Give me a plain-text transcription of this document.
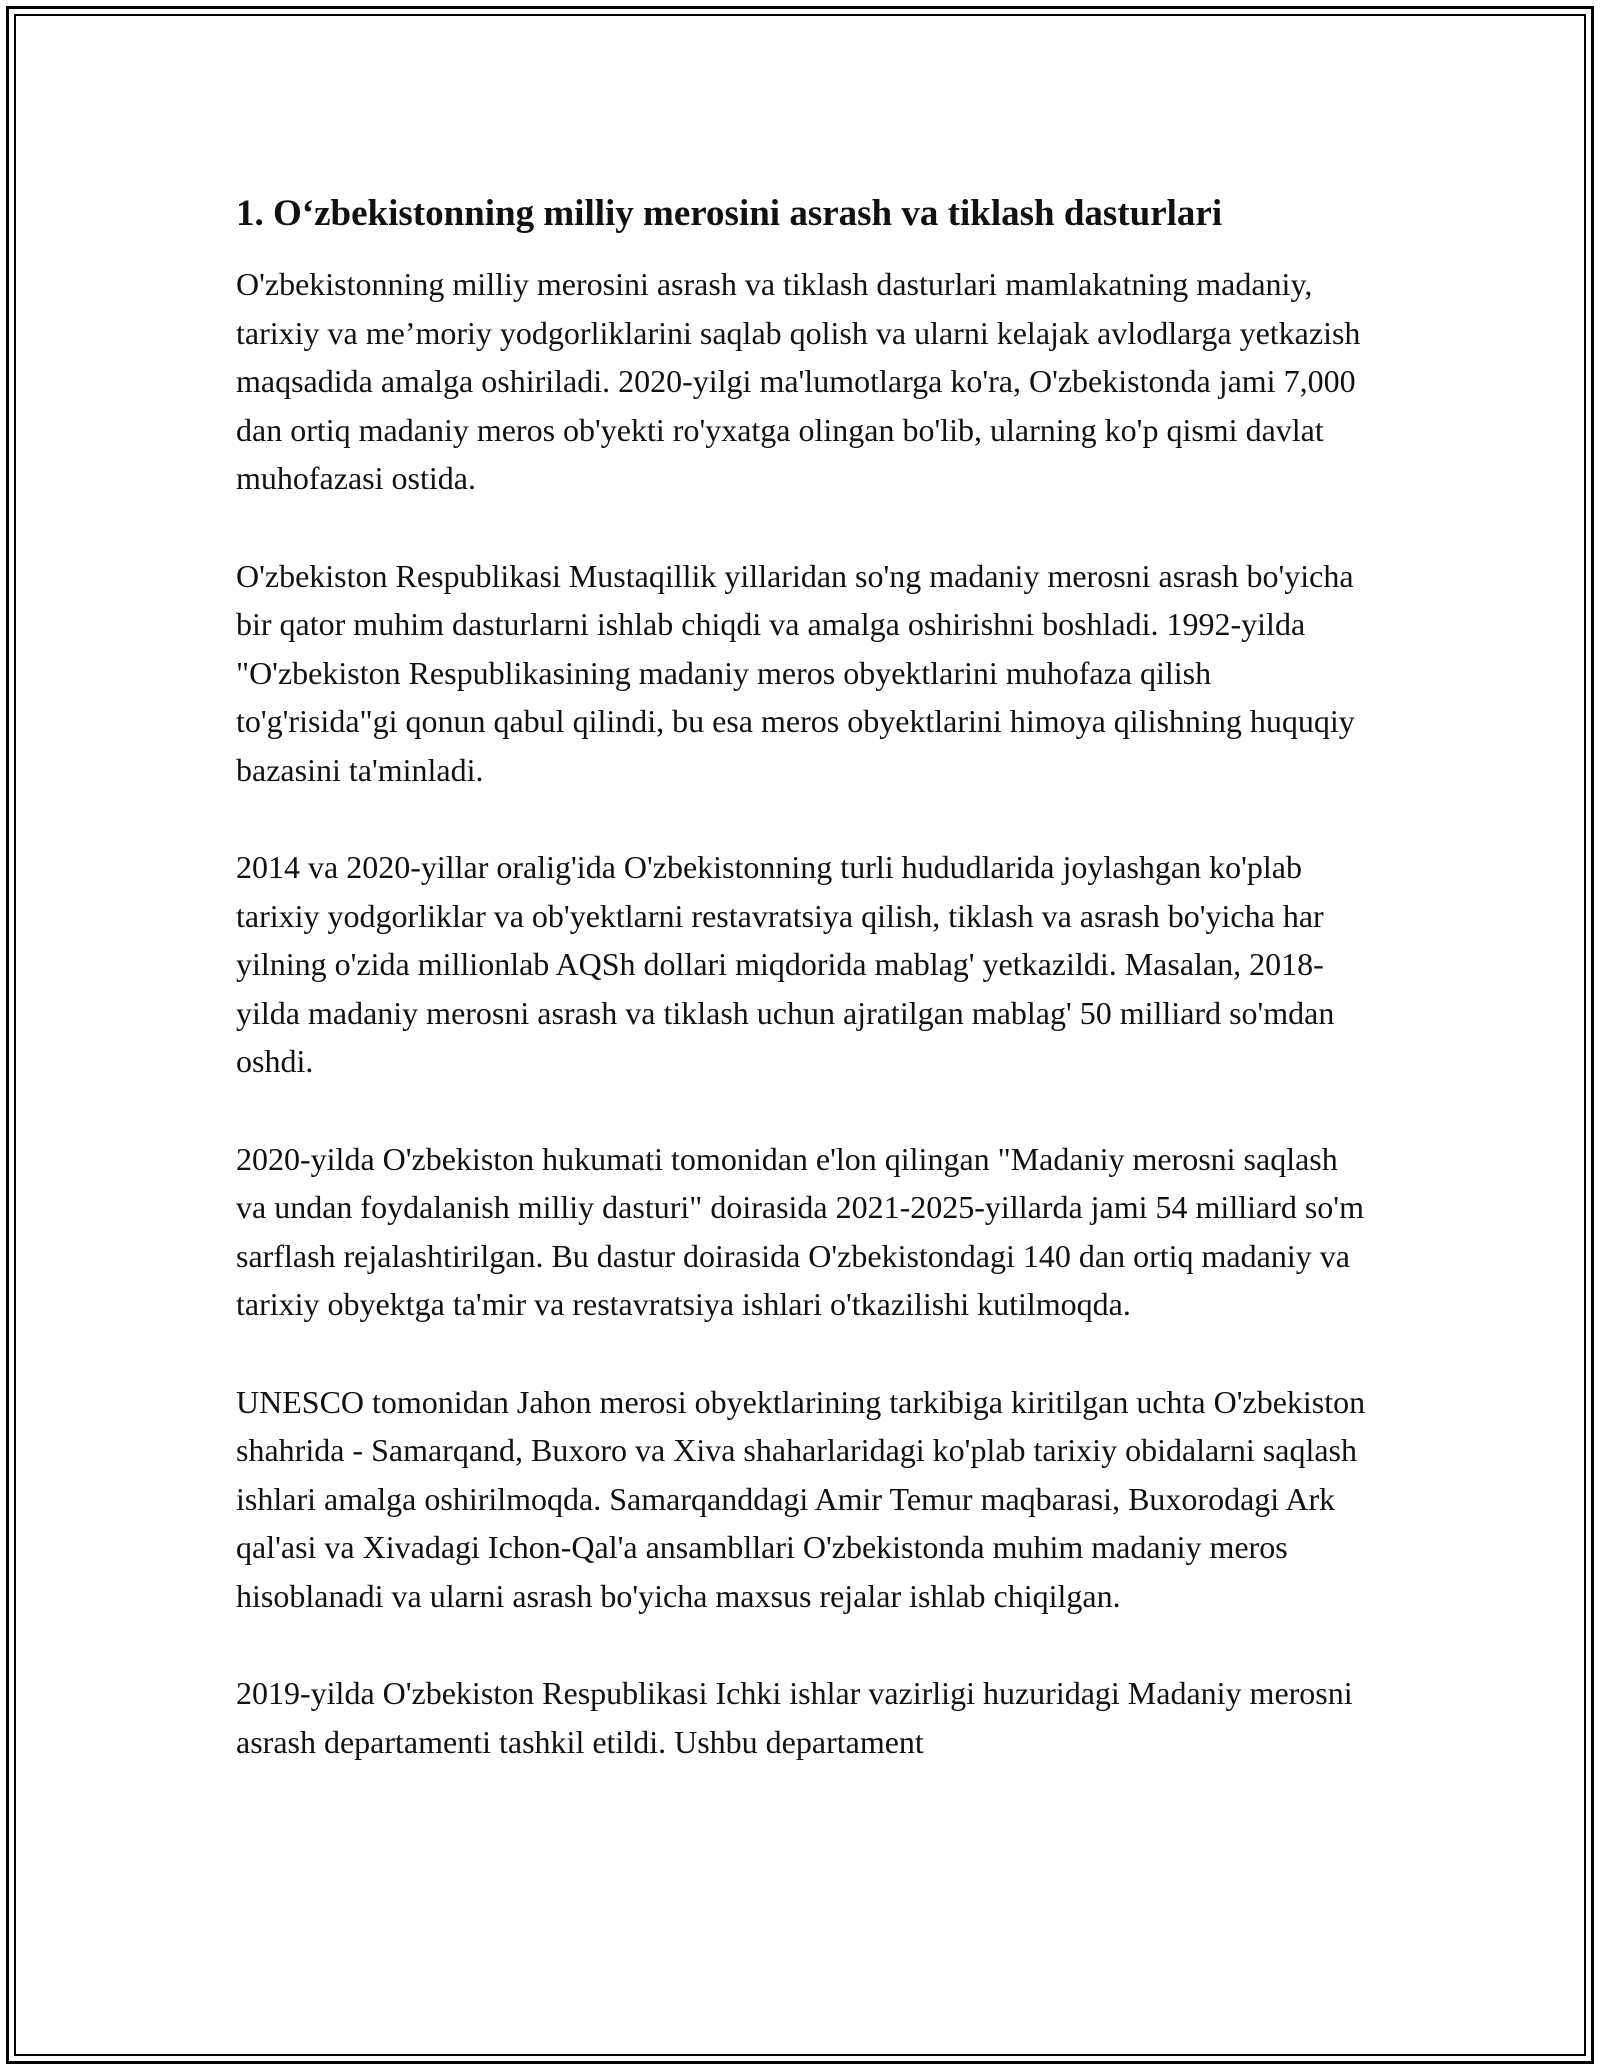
1. O‘zbekistonning milliy merosini asrash va tiklash dasturlari

O'zbekistonning milliy merosini asrash va tiklash dasturlari mamlakatning madaniy, tarixiy va me’moriy yodgorliklarini saqlab qolish va ularni kelajak avlodlarga yetkazish maqsadida amalga oshiriladi. 2020-yilgi ma'lumotlarga ko'ra, O'zbekistonda jami 7,000 dan ortiq madaniy meros ob'yekti ro'yxatga olingan bo'lib, ularning ko'p qismi davlat muhofazasi ostida.

O'zbekiston Respublikasi Mustaqillik yillaridan so'ng madaniy merosni asrash bo'yicha bir qator muhim dasturlarni ishlab chiqdi va amalga oshirishni boshladi. 1992-yilda "O'zbekiston Respublikasining madaniy meros obyektlarini muhofaza qilish to'g'risida"gi qonun qabul qilindi, bu esa meros obyektlarini himoya qilishning huquqiy bazasini ta'minladi.

2014 va 2020-yillar oralig'ida O'zbekistonning turli hududlarida joylashgan ko'plab tarixiy yodgorliklar va ob'yektlarni restavratsiya qilish, tiklash va asrash bo'yicha har yilning o'zida millionlab AQSh dollari miqdorida mablag' yetkazildi. Masalan, 2018-yilda madaniy merosni asrash va tiklash uchun ajratilgan mablag' 50 milliard so'mdan oshdi.

2020-yilda O'zbekiston hukumati tomonidan e'lon qilingan "Madaniy merosni saqlash va undan foydalanish milliy dasturi" doirasida 2021-2025-yillarda jami 54 milliard so'm sarflash rejalashtirilgan. Bu dastur doirasida O'zbekistondagi 140 dan ortiq madaniy va tarixiy obyektga ta'mir va restavratsiya ishlari o'tkazilishi kutilmoqda.

UNESCO tomonidan Jahon merosi obyektlarining tarkibiga kiritilgan uchta O'zbekiston shahrida - Samarqand, Buxoro va Xiva shaharlaridagi ko'plab tarixiy obidalarni saqlash ishlari amalga oshirilmoqda. Samarqanddagi Amir Temur maqbarasi, Buxorodagi Ark qal'asi va Xivadagi Ichon-Qal'a ansambllari O'zbekistonda muhim madaniy meros hisoblanadi va ularni asrash bo'yicha maxsus rejalar ishlab chiqilgan.

2019-yilda O'zbekiston Respublikasi Ichki ishlar vazirligi huzuridagi Madaniy merosni asrash departamenti tashkil etildi. Ushbu departament
